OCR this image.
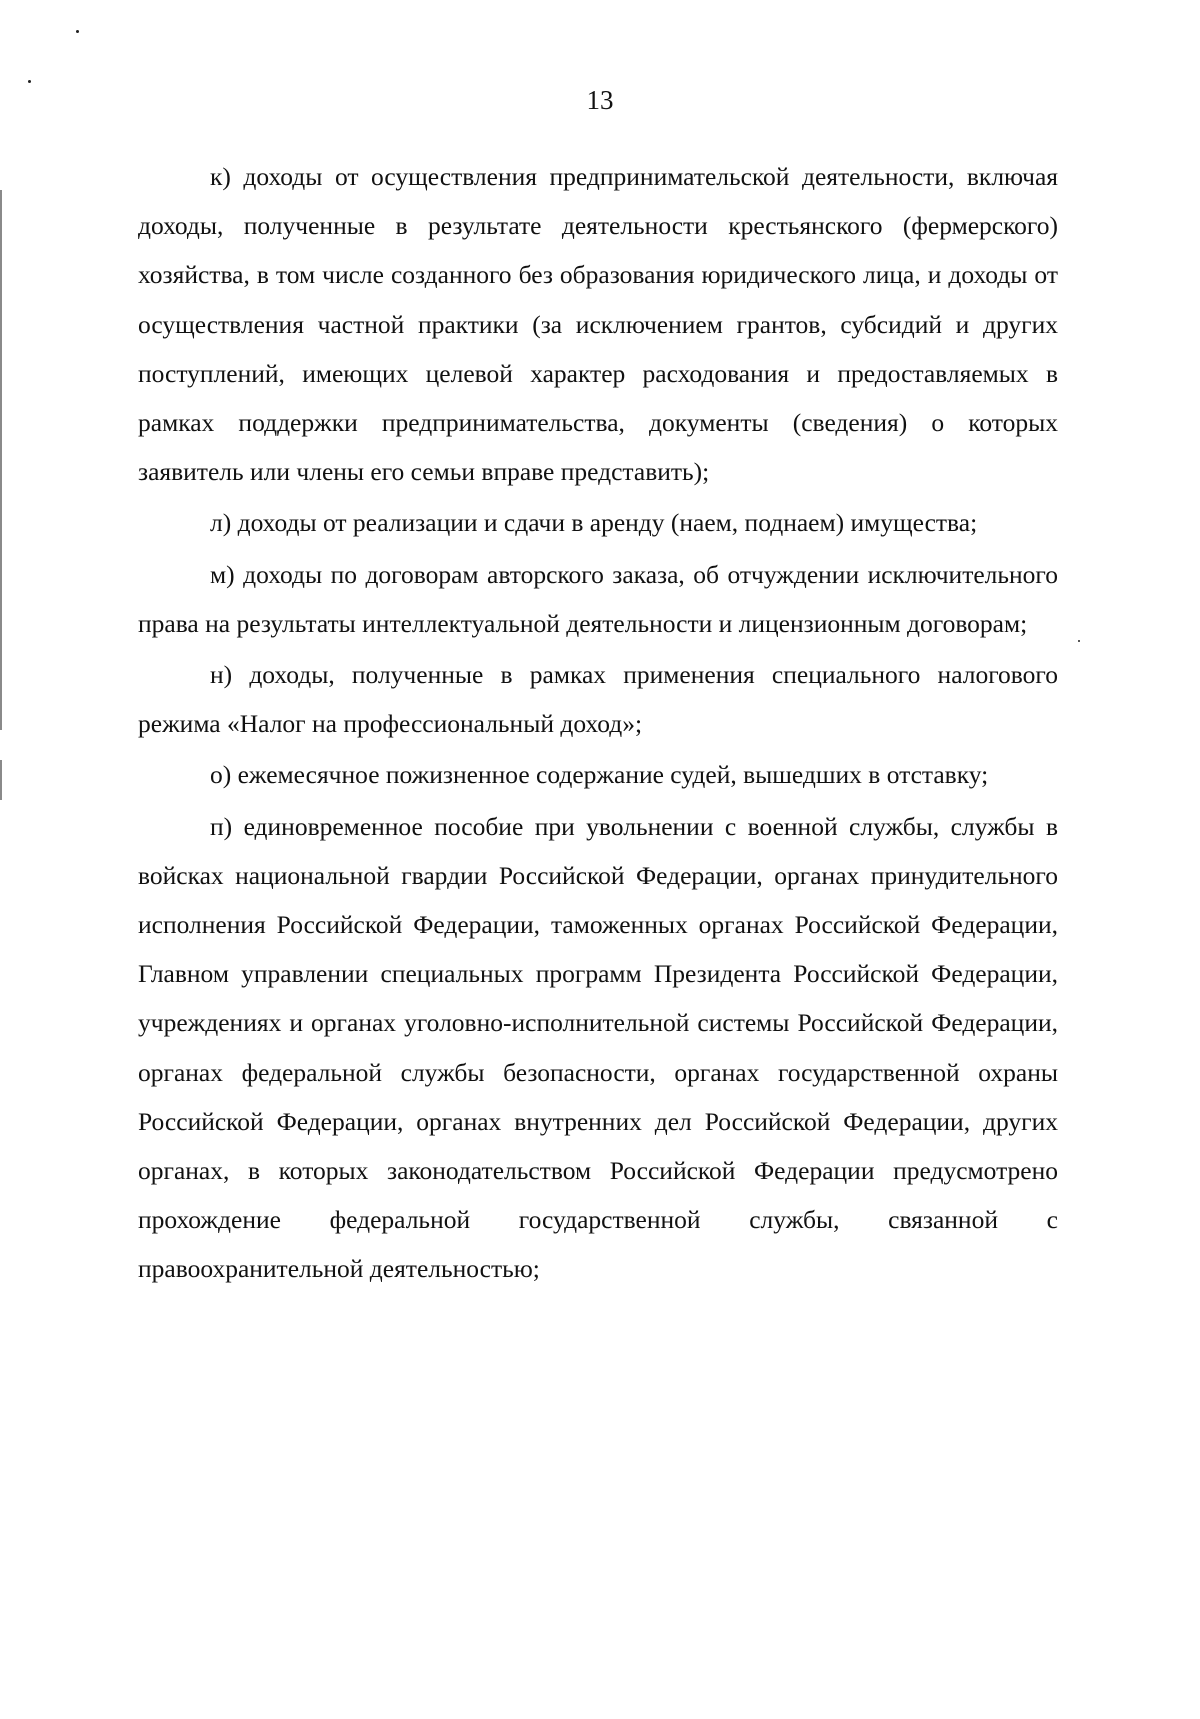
13

к) доходы от осуществления предпринимательской деятельности, включая доходы, полученные в результате деятельности крестьянского (фермерского) хозяйства, в том числе созданного без образования юридического лица, и доходы от осуществления частной практики (за исключением грантов, субсидий и других поступлений, имеющих целевой характер расходования и предоставляемых в рамках поддержки предпринимательства, документы (сведения) о которых заявитель или члены его семьи вправе представить);

л) доходы от реализации и сдачи в аренду (наем, поднаем) имущества;

м) доходы по договорам авторского заказа, об отчуждении исключительного права на результаты интеллектуальной деятельности и лицензионным договорам;

н) доходы, полученные в рамках применения специального налогового режима «Налог на профессиональный доход»;

о) ежемесячное пожизненное содержание судей, вышедших в отставку;

п) единовременное пособие при увольнении с военной службы, службы в войсках национальной гвардии Российской Федерации, органах принудительного исполнения Российской Федерации, таможенных органах Российской Федерации, Главном управлении специальных программ Президента Российской Федерации, учреждениях и органах уголовно-исполнительной системы Российской Федерации, органах федеральной службы безопасности, органах государственной охраны Российской Федерации, органах внутренних дел Российской Федерации, других органах, в которых законодательством Российской Федерации предусмотрено прохождение федеральной государственной службы, связанной с правоохранительной деятельностью;
